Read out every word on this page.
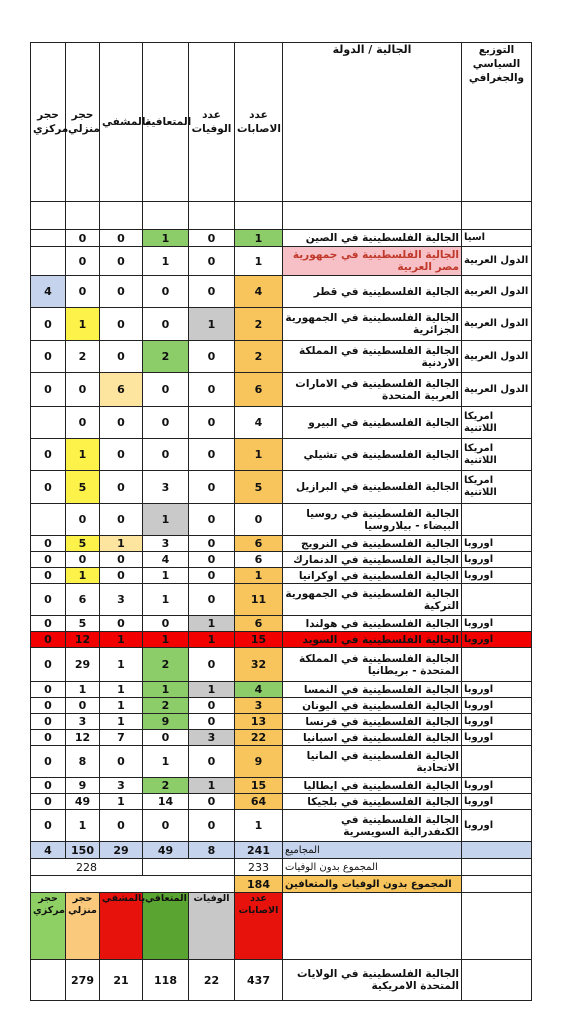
حجر مركزي	حجر منزلي	بالمشفي	المتعافية	عدد الوفيات	عدد الاصابات	الجالية / الدولة	التوزيع السياسي والجغرافي

	0	0	1	0	1	الجالية الفلسطينية في الصين	اسيا
	0	0	1	0	1	الجالية الفلسطينية في جمهورية مصر العربية	الدول العربية
4	0	0	0	0	4	الجالية الفلسطينية في قطر	الدول العربية
0	1	0	0	1	2	الجالية الفلسطينية في الجمهورية الجزائرية	الدول العربية
0	2	0	2	0	2	الجالية الفلسطينية في المملكة الاردنية	الدول العربية
0	0	6	0	0	6	الجالية الفلسطينية في الامارات العربية المتحدة	الدول العربية
	0	0	0	0	4	الجالية الفلسطينية في البيرو	امريكا اللاتنية
0	1	0	0	0	1	الجالية الفلسطينية في تشيلي	امريكا اللاتنية
0	5	0	3	0	5	الجالية الفلسطينية في البرازيل	امريكا اللاتنية
	0	0	1	0	0	الجالية الفلسطينية في روسيا البيضاء - بيلاروسيا	
0	5	1	3	0	6	الجالية الفلسطينية في النرويج	اوروبا
0	0	0	4	0	6	الجالية الفلسطينية في الدنمارك	اوروبا
0	1	0	1	0	1	الجالية الفلسطينية في اوكرانيا	اوروبا
0	6	3	1	0	11	الجالية الفلسطينية في الجمهورية التركية	
0	5	0	0	1	6	الجالية الفلسطينية في هولندا	اوروبا
0	12	1	1	1	15	الجالية الفلسطينية في السويد	اوروبا
0	29	1	2	0	32	الجالية الفلسطينية في المملكة المتحدة - بريطانيا	
0	1	1	1	1	4	الجالية الفلسطينية في النمسا	اوروبا
0	0	1	2	0	3	الجالية الفلسطينية في اليونان	اوروبا
0	3	1	9	0	13	الجالية الفلسطينية في فرنسا	اوروبا
0	12	7	0	3	22	الجالية الفلسطينية في اسبانيا	اوروبا
0	8	0	1	0	9	الجالية الفلسطينية في المانيا الاتحادية	
0	9	3	2	1	15	الجالية الفلسطينية في ايطاليا	اوروبا
0	49	1	14	0	64	الجالية الفلسطينية في بلجيكا	اوروبا
0	1	0	0	0	1	الجالية الفلسطينية في الكنفدرالية السويسرية	اوروبا
4	150	29	49	8	241	المجاميع	
228					233	المجموع بدون الوفيات	
					184	المجموع بدون الوفيات والمتعافين	
حجر مركزي	حجر منزلي	بالمشفي	المتعافي	الوفيات	عدد الاصابات		
	279	21	118	22	437	الجالية الفلسطينية في الولايات المتحدة الامريكية	
